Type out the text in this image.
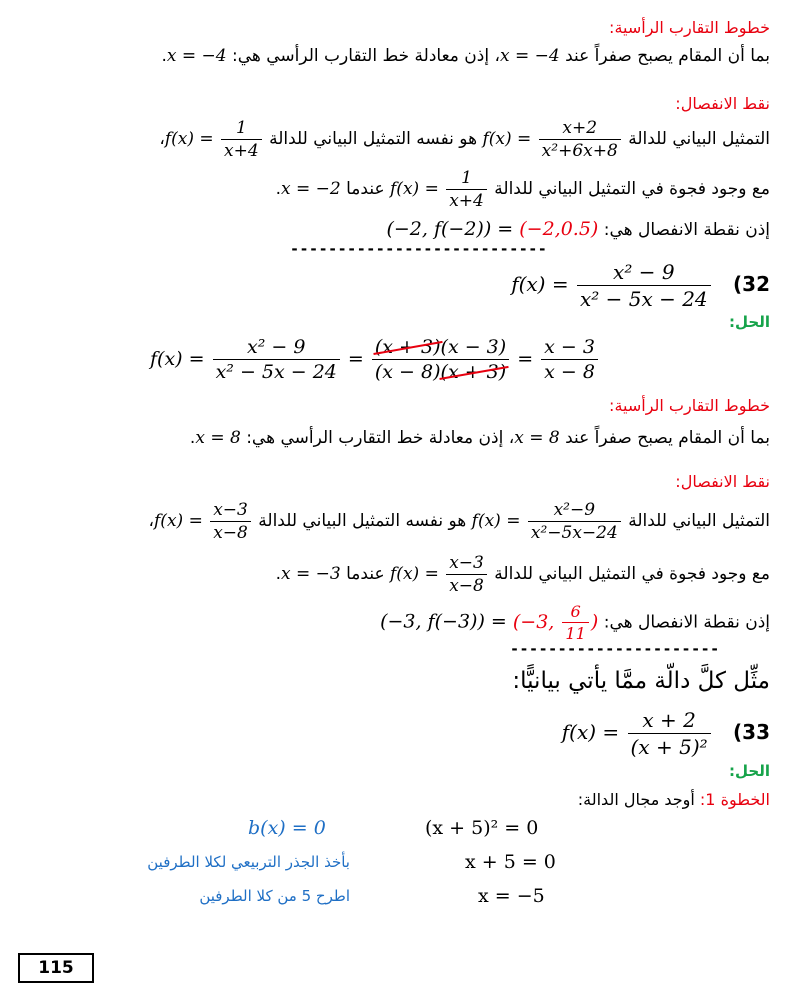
خطوط التقارب الرأسية:
بما أن المقام يصبح صفراً عند x = −4، إذن معادلة خط التقارب الرأسي هي: x = −4.
نقط الانفصال:
التمثيل البياني للدالة $f(x) = \frac{x+2}{\text{x²+6x+8}}$
هو نفسه التمثيل البياني للدالة $f(x) = \frac{1}{x+4}$
،
مع وجود فجوة في التمثيل البياني للدالة $f(x) = \frac{1}{x+4}$
عندما x = −2.
إذن نقطة الانفصال هي: (−2, f(−2)) = (−2,0.5)
---------------------------
$f(x) = \frac{\text{x² − 9}}{\text{x² − 5x − 24}} (32$
الحل:
$f(x) = \frac{\text{x² − 9}}{\text{x² − 5x − 24}} = \frac{(x + 3)(x - 3)}{(x - 8)(x + 3)} = \frac{x - 3}{x - 8}$
خطوط التقارب الرأسية:
بما أن المقام يصبح صفراً عند x = 8، إذن معادلة خط التقارب الرأسي هي: x = 8.
نقط الانفصال:
التمثيل البياني للدالة $f(x) = \frac{\text{x²−9}}{\text{x²−5x−24}}$
هو نفسه التمثيل البياني للدالة $f(x) = \frac{x-3}{x-8}$
،
مع وجود فجوة في التمثيل البياني للدالة $f(x) = \frac{x-3}{x-8}$
عندما x = −3.
إذن نقطة الانفصال هي: (−3, f(−3)) = (−3, $\frac{6}{11}$ )
----------------------
مثِّل كلَّ دالّة ممَّا يأتي بيانيًّا:
$f(x) = \frac{x + 2}{\text{(x + 5)²}} (33$
الحل:
الخطوة 1: أوجد مجال الدالة:
(x + 5)² = 0
x + 5 = 0
x = −5
b(x) = 0
بأخذ الجذر التربيعي لكلا الطرفين
اطرح 5 من كلا الطرفين
115
